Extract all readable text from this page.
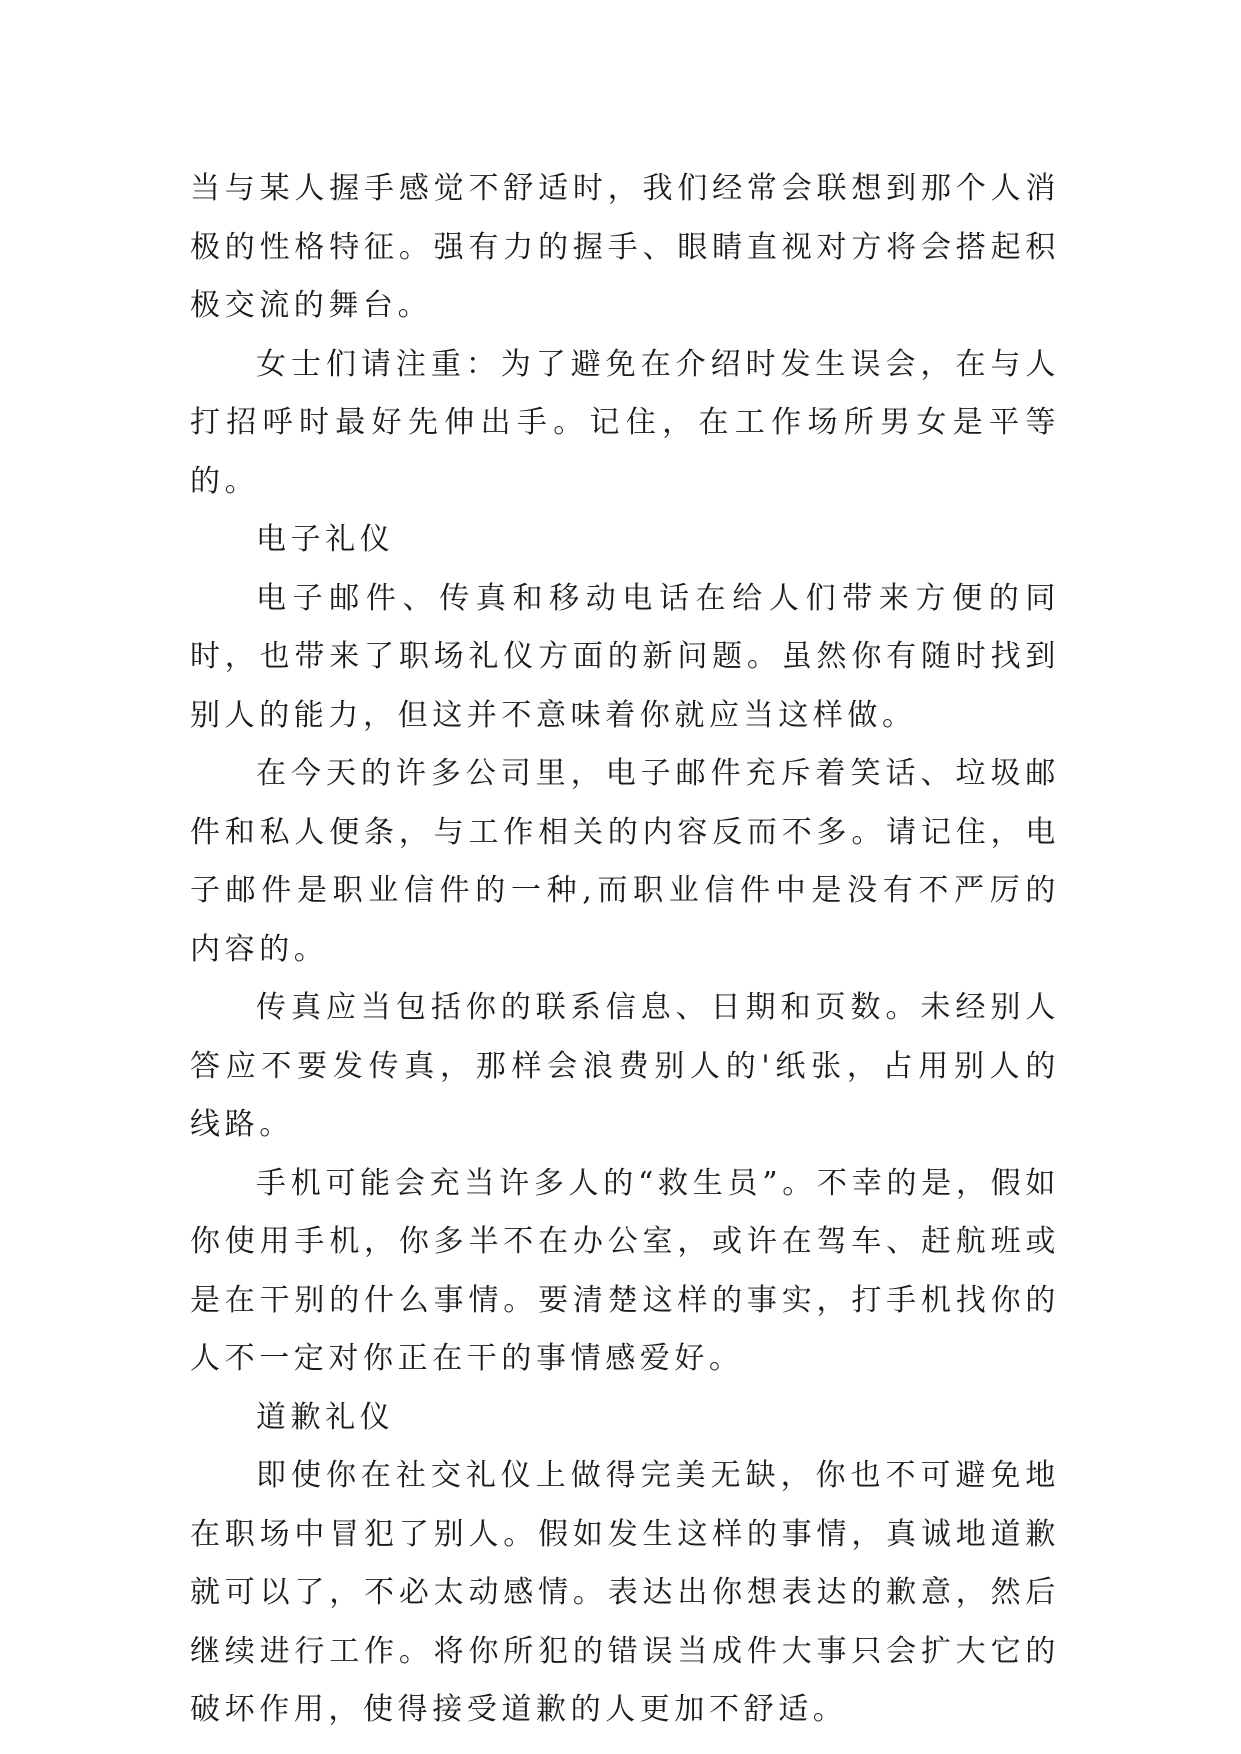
当与某人握手感觉不舒适时，我们经常会联想到那个人消极的性格特征。强有力的握手、眼睛直视对方将会搭起积极交流的舞台。

女士们请注重：为了避免在介绍时发生误会，在与人打招呼时最好先伸出手。记住，在工作场所男女是平等的。

电子礼仪

电子邮件、传真和移动电话在给人们带来方便的同时，也带来了职场礼仪方面的新问题。虽然你有随时找到别人的能力，但这并不意味着你就应当这样做。

在今天的许多公司里，电子邮件充斥着笑话、垃圾邮件和私人便条，与工作相关的内容反而不多。请记住，电子邮件是职业信件的一种,而职业信件中是没有不严厉的内容的。

传真应当包括你的联系信息、日期和页数。未经别人答应不要发传真，那样会浪费别人的'纸张，占用别人的线路。

手机可能会充当许多人的“救生员”。不幸的是，假如你使用手机，你多半不在办公室，或许在驾车、赶航班或是在干别的什么事情。要清楚这样的事实，打手机找你的人不一定对你正在干的事情感爱好。

道歉礼仪

即使你在社交礼仪上做得完美无缺，你也不可避免地在职场中冒犯了别人。假如发生这样的事情，真诚地道歉就可以了，不必太动感情。表达出你想表达的歉意，然后继续进行工作。将你所犯的错误当成件大事只会扩大它的破坏作用，使得接受道歉的人更加不舒适。
